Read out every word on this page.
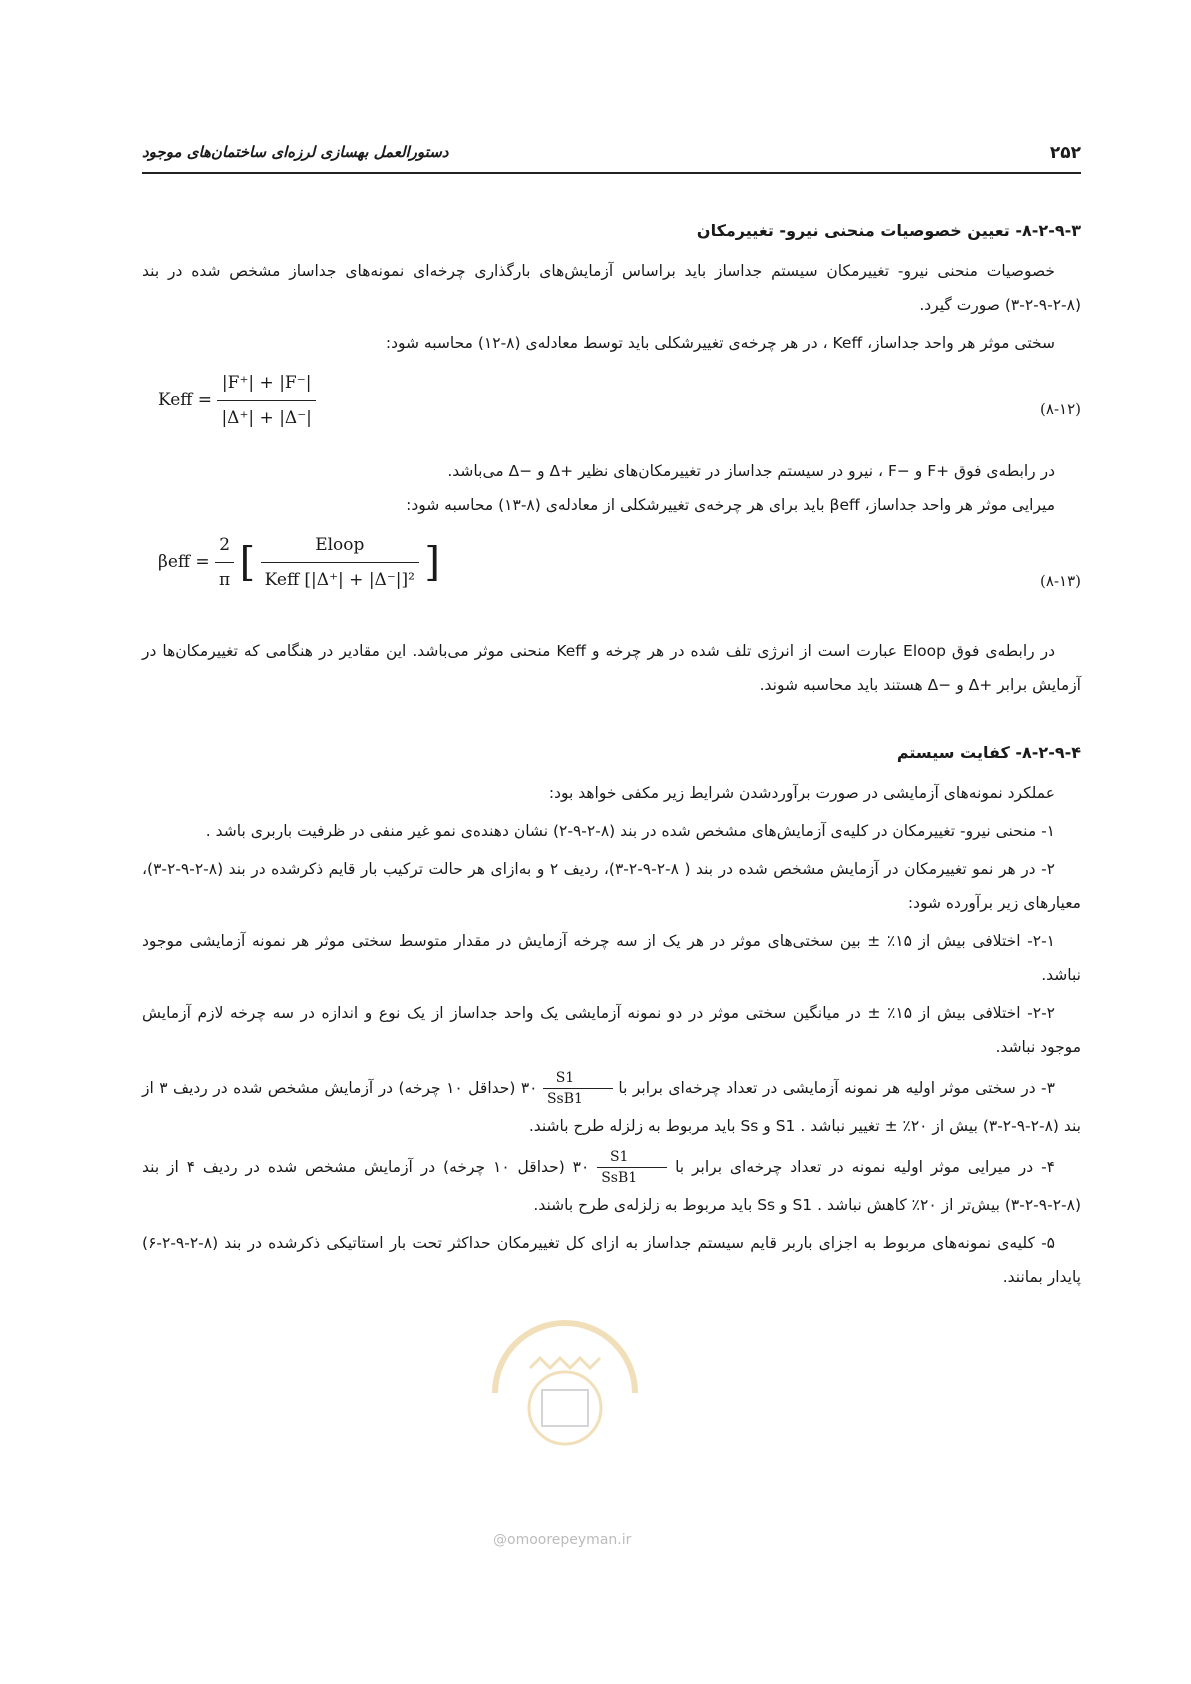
۲۵۲
دستورالعمل بهسازی لرزه‌ای ساختمان‌های موجود
۸-۲-۹-۳- تعیین خصوصیات منحنی نیرو- تغییرمکان

خصوصیات منحنی نیرو- تغییرمکان سیستم جداساز باید براساس آزمایش‌های بارگذاری چرخه‌ای نمونه‌های جداساز مشخص شده در بند (۸-۲-۹-۲-۳) صورت گیرد.

سختی موثر هر واحد جداساز، Keff ، در هر چرخه‌ی تغییرشکلی باید توسط معادله‌ی (۸-۱۲) محاسبه شود:

Keff = $\frac{|F^+| + |F^-|}{|\Delta^+| + |\Delta^-|}$	(۸-۱۲)

در رابطه‌ی فوق +F و −F ، نیرو در سیستم جداساز در تغییرمکان‌های نظیر +Δ و −Δ می‌باشد.

میرایی موثر هر واحد جداساز، βeff باید برای هر چرخه‌ی تغییرشکلی از معادله‌ی (۸-۱۳) محاسبه شود:

$\beta eff = \frac{2}{\pi}$ [ $\frac{\text{Eloop}}{\text{Keff [|Δ⁺| + |Δ⁻|]²}}$ ]	(۸-۱۳)

در رابطه‌ی فوق Eloop عبارت است از انرژی تلف شده در هر چرخه و Keff منحنی موثر می‌باشد. این مقادیر در هنگامی که تغییرمکان‌ها در آزمایش برابر +Δ و −Δ هستند باید محاسبه شوند.

۸-۲-۹-۴- کفایت سیستم

عملکرد نمونه‌های آزمایشی در صورت برآوردشدن شرایط زیر مکفی خواهد بود:

۱- منحنی نیرو- تغییرمکان در کلیه‌ی آزمایش‌های مشخص شده در بند (۸-۲-۹-۲) نشان دهنده‌ی نمو غیر منفی در ظرفیت باربری باشد .

۲- در هر نمو تغییرمکان در آزمایش مشخص شده در بند ( ۸-۲-۹-۲-۳)، ردیف ۲ و به‌ازای هر حالت ترکیب بار قایم ذکرشده در بند (۸-۲-۹-۲-۳)، معیارهای زیر برآورده شود:

۲-۱- اختلافی بیش از ۱۵٪ ± بین سختی‌های موثر در هر یک از سه چرخه آزمایش در مقدار متوسط سختی موثر هر نمونه آزمایشی موجود نباشد.

۲-۲- اختلافی بیش از ۱۵٪ ± در میانگین سختی موثر در دو نمونه آزمایشی یک واحد جداساز از یک نوع و اندازه در سه چرخه لازم آزمایش موجود نباشد.

۳- در سختی موثر اولیه هر نمونه آزمایشی در تعداد چرخه‌ای برابر با
$\frac{S1}{\text{SsB1}}$
۳۰ (حداقل ۱۰ چرخه) در آزمایش مشخص شده در ردیف ۳ از بند (۸-۲-۹-۲-۳) بیش از ۲۰٪ ± تغییر نباشد . S1 و Ss باید مربوط به زلزله طرح باشند.

۴- در میرایی موثر اولیه نمونه در تعداد چرخه‌ای برابر با
$\frac{S1}{\text{SsB1}}$
۳۰ (حداقل ۱۰ چرخه) در آزمایش مشخص شده در ردیف ۴ از بند (۸-۲-۹-۲-۳) بیش‌تر از ۲۰٪ کاهش نباشد . S1 و Ss باید مربوط به زلزله‌ی طرح باشند.

۵- کلیه‌ی نمونه‌های مربوط به اجزای باربر قایم سیستم جداساز به ازای کل تغییرمکان حداکثر تحت بار استاتیکی ذکرشده در بند (۸-۲-۹-۲-۶) پایدار بمانند.

@omoorepeyman.ir
